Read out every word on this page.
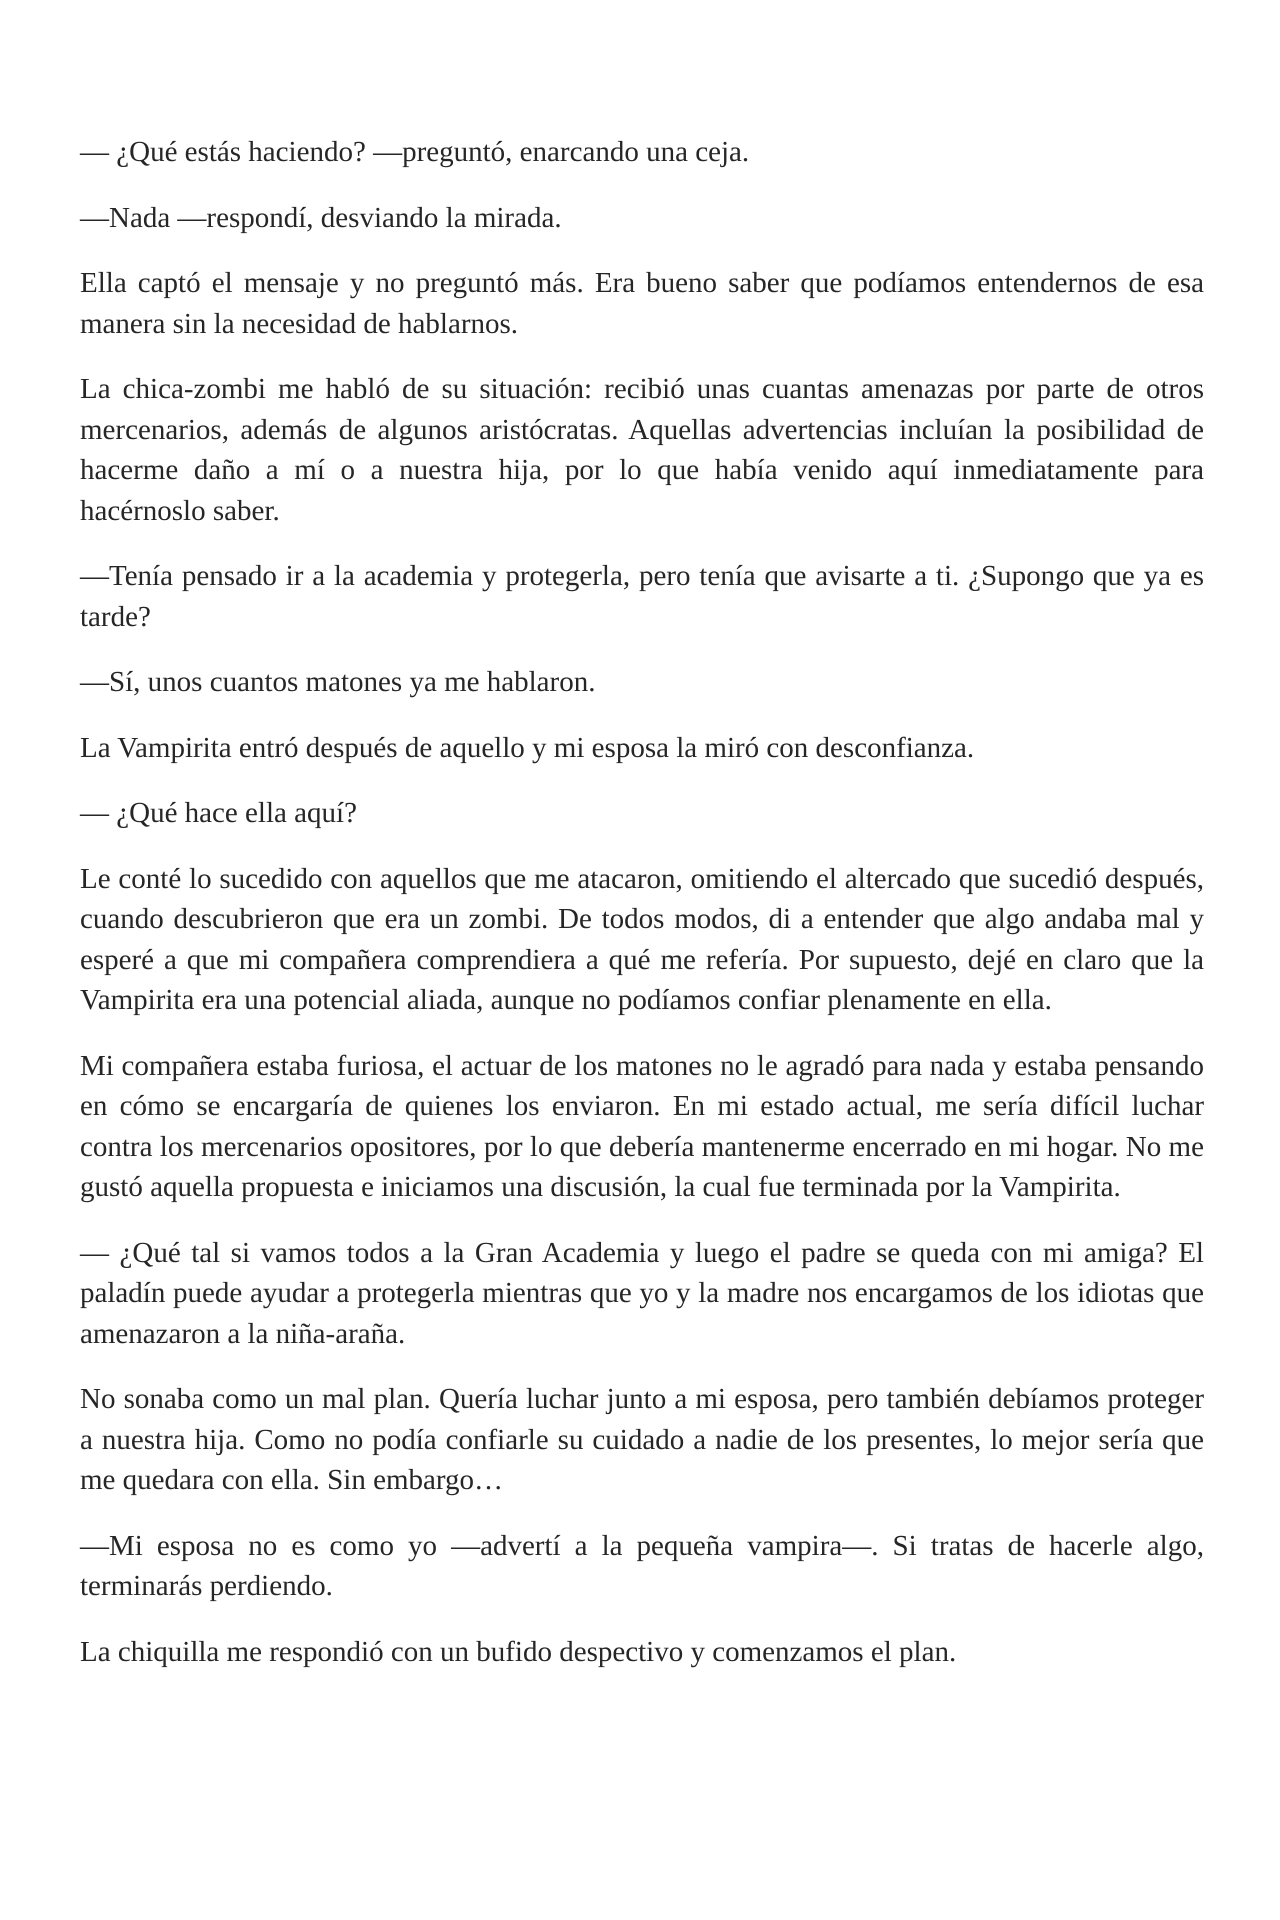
— ¿Qué estás haciendo? —preguntó, enarcando una ceja.

—Nada —respondí, desviando la mirada.

Ella captó el mensaje y no preguntó más. Era bueno saber que podíamos entendernos de esa manera sin la necesidad de hablarnos.

La chica-zombi me habló de su situación: recibió unas cuantas amenazas por parte de otros mercenarios, además de algunos aristócratas. Aquellas advertencias incluían la posibilidad de hacerme daño a mí o a nuestra hija, por lo que había venido aquí inmediatamente para hacérnoslo saber.

—Tenía pensado ir a la academia y protegerla, pero tenía que avisarte a ti. ¿Supongo que ya es tarde?

—Sí, unos cuantos matones ya me hablaron.

La Vampirita entró después de aquello y mi esposa la miró con desconfianza.

— ¿Qué hace ella aquí?

Le conté lo sucedido con aquellos que me atacaron, omitiendo el altercado que sucedió después, cuando descubrieron que era un zombi. De todos modos, di a entender que algo andaba mal y esperé a que mi compañera comprendiera a qué me refería. Por supuesto, dejé en claro que la Vampirita era una potencial aliada, aunque no podíamos confiar plenamente en ella.

Mi compañera estaba furiosa, el actuar de los matones no le agradó para nada y estaba pensando en cómo se encargaría de quienes los enviaron. En mi estado actual, me sería difícil luchar contra los mercenarios opositores, por lo que debería mantenerme encerrado en mi hogar. No me gustó aquella propuesta e iniciamos una discusión, la cual fue terminada por la Vampirita.

— ¿Qué tal si vamos todos a la Gran Academia y luego el padre se queda con mi amiga? El paladín puede ayudar a protegerla mientras que yo y la madre nos encargamos de los idiotas que amenazaron a la niña-araña.

No sonaba como un mal plan. Quería luchar junto a mi esposa, pero también debíamos proteger a nuestra hija. Como no podía confiarle su cuidado a nadie de los presentes, lo mejor sería que me quedara con ella. Sin embargo…

—Mi esposa no es como yo —advertí a la pequeña vampira—. Si tratas de hacerle algo, terminarás perdiendo.

La chiquilla me respondió con un bufido despectivo y comenzamos el plan.
